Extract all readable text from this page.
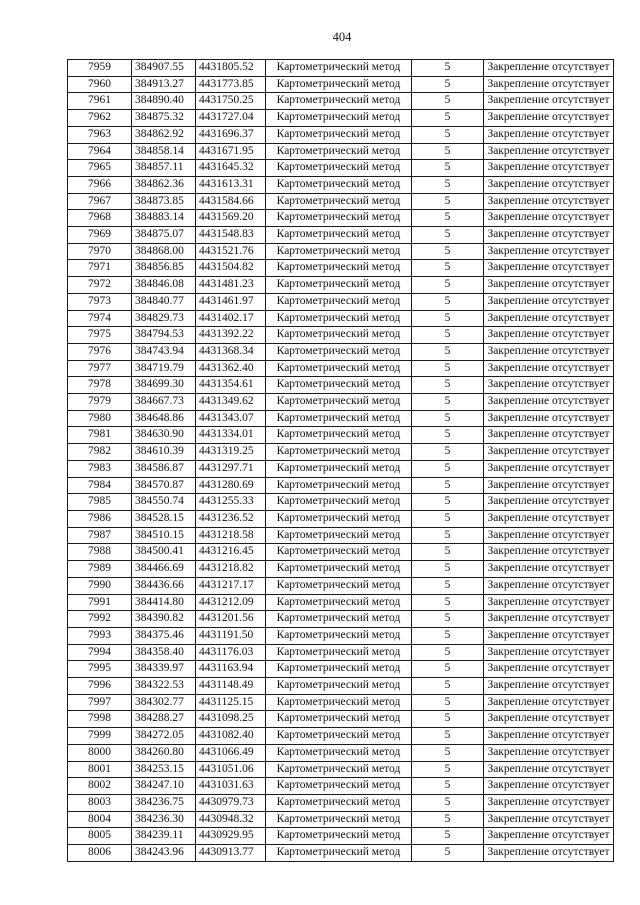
404
7959	384907.55	4431805.52	Картометрический метод	5	Закрепление отсутствует
7960	384913.27	4431773.85	Картометрический метод	5	Закрепление отсутствует
7961	384890.40	4431750.25	Картометрический метод	5	Закрепление отсутствует
7962	384875.32	4431727.04	Картометрический метод	5	Закрепление отсутствует
7963	384862.92	4431696.37	Картометрический метод	5	Закрепление отсутствует
7964	384858.14	4431671.95	Картометрический метод	5	Закрепление отсутствует
7965	384857.11	4431645.32	Картометрический метод	5	Закрепление отсутствует
7966	384862.36	4431613.31	Картометрический метод	5	Закрепление отсутствует
7967	384873.85	4431584.66	Картометрический метод	5	Закрепление отсутствует
7968	384883.14	4431569.20	Картометрический метод	5	Закрепление отсутствует
7969	384875.07	4431548.83	Картометрический метод	5	Закрепление отсутствует
7970	384868.00	4431521.76	Картометрический метод	5	Закрепление отсутствует
7971	384856.85	4431504.82	Картометрический метод	5	Закрепление отсутствует
7972	384846.08	4431481.23	Картометрический метод	5	Закрепление отсутствует
7973	384840.77	4431461.97	Картометрический метод	5	Закрепление отсутствует
7974	384829.73	4431402.17	Картометрический метод	5	Закрепление отсутствует
7975	384794.53	4431392.22	Картометрический метод	5	Закрепление отсутствует
7976	384743.94	4431368.34	Картометрический метод	5	Закрепление отсутствует
7977	384719.79	4431362.40	Картометрический метод	5	Закрепление отсутствует
7978	384699.30	4431354.61	Картометрический метод	5	Закрепление отсутствует
7979	384667.73	4431349.62	Картометрический метод	5	Закрепление отсутствует
7980	384648.86	4431343.07	Картометрический метод	5	Закрепление отсутствует
7981	384630.90	4431334.01	Картометрический метод	5	Закрепление отсутствует
7982	384610.39	4431319.25	Картометрический метод	5	Закрепление отсутствует
7983	384586.87	4431297.71	Картометрический метод	5	Закрепление отсутствует
7984	384570.87	4431280.69	Картометрический метод	5	Закрепление отсутствует
7985	384550.74	4431255.33	Картометрический метод	5	Закрепление отсутствует
7986	384528.15	4431236.52	Картометрический метод	5	Закрепление отсутствует
7987	384510.15	4431218.58	Картометрический метод	5	Закрепление отсутствует
7988	384500.41	4431216.45	Картометрический метод	5	Закрепление отсутствует
7989	384466.69	4431218.82	Картометрический метод	5	Закрепление отсутствует
7990	384436.66	4431217.17	Картометрический метод	5	Закрепление отсутствует
7991	384414.80	4431212.09	Картометрический метод	5	Закрепление отсутствует
7992	384390.82	4431201.56	Картометрический метод	5	Закрепление отсутствует
7993	384375.46	4431191.50	Картометрический метод	5	Закрепление отсутствует
7994	384358.40	4431176.03	Картометрический метод	5	Закрепление отсутствует
7995	384339.97	4431163.94	Картометрический метод	5	Закрепление отсутствует
7996	384322.53	4431148.49	Картометрический метод	5	Закрепление отсутствует
7997	384302.77	4431125.15	Картометрический метод	5	Закрепление отсутствует
7998	384288.27	4431098.25	Картометрический метод	5	Закрепление отсутствует
7999	384272.05	4431082.40	Картометрический метод	5	Закрепление отсутствует
8000	384260.80	4431066.49	Картометрический метод	5	Закрепление отсутствует
8001	384253.15	4431051.06	Картометрический метод	5	Закрепление отсутствует
8002	384247.10	4431031.63	Картометрический метод	5	Закрепление отсутствует
8003	384236.75	4430979.73	Картометрический метод	5	Закрепление отсутствует
8004	384236.30	4430948.32	Картометрический метод	5	Закрепление отсутствует
8005	384239.11	4430929.95	Картометрический метод	5	Закрепление отсутствует
8006	384243.96	4430913.77	Картометрический метод	5	Закрепление отсутствует
